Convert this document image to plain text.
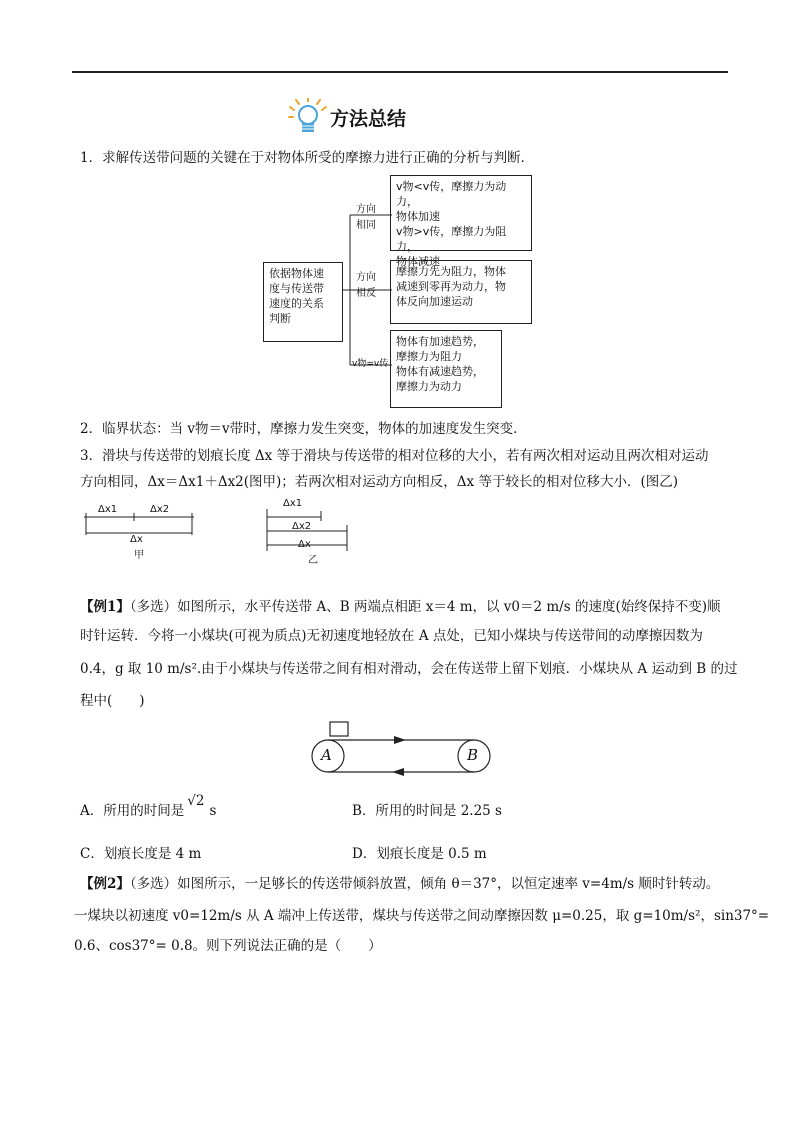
方法总结
1．求解传送带问题的关键在于对物体所受的摩擦力进行正确的分析与判断．
依据物体速
度与传送带
速度的关系
判断
方向
相同
方向
相反
v物=v传
v物<v传，摩擦力为动力，
物体加速
v物>v传，摩擦力为阻力，
物体减速
摩擦力先为阻力，物体
减速到零再为动力，物
体反向加速运动
物体有加速趋势，
摩擦力为阻力
物体有减速趋势，
摩擦力为动力
2．临界状态：当 v物＝v带时，摩擦力发生突变，物体的加速度发生突变．
3．滑块与传送带的划痕长度 Δx 等于滑块与传送带的相对位移的大小，若有两次相对运动且两次相对运动
方向相同，Δx＝Δx1＋Δx2(图甲)；若两次相对运动方向相反，Δx 等于较长的相对位移大小．(图乙)
Δx1	Δx2
Δx
甲
Δx1
Δx2
Δx
乙
【例1】（多选）如图所示，水平传送带 A、B 两端点相距 x＝4 m，以 v0＝2 m/s 的速度(始终保持不变)顺
时针运转．今将一小煤块(可视为质点)无初速度地轻放在 A 点处，已知小煤块与传送带间的动摩擦因数为
0.4，g 取 10 m/s².由于小煤块与传送带之间有相对滑动，会在传送带上留下划痕．小煤块从 A 运动到 B 的过
程中(　　)
A	B
A．所用的时间是√2s	B．所用的时间是 2.25 s
C．划痕长度是 4 m	D．划痕长度是 0.5 m
【例2】（多选）如图所示，一足够长的传送带倾斜放置，倾角 θ＝37°，以恒定速率 v=4m/s 顺时针转动。
一煤块以初速度 v0=12m/s 从 A 端冲上传送带，煤块与传送带之间动摩擦因数 μ=0.25，取 g=10m/s²，sin37°=
0.6、cos37°= 0.8。则下列说法正确的是（　　）
